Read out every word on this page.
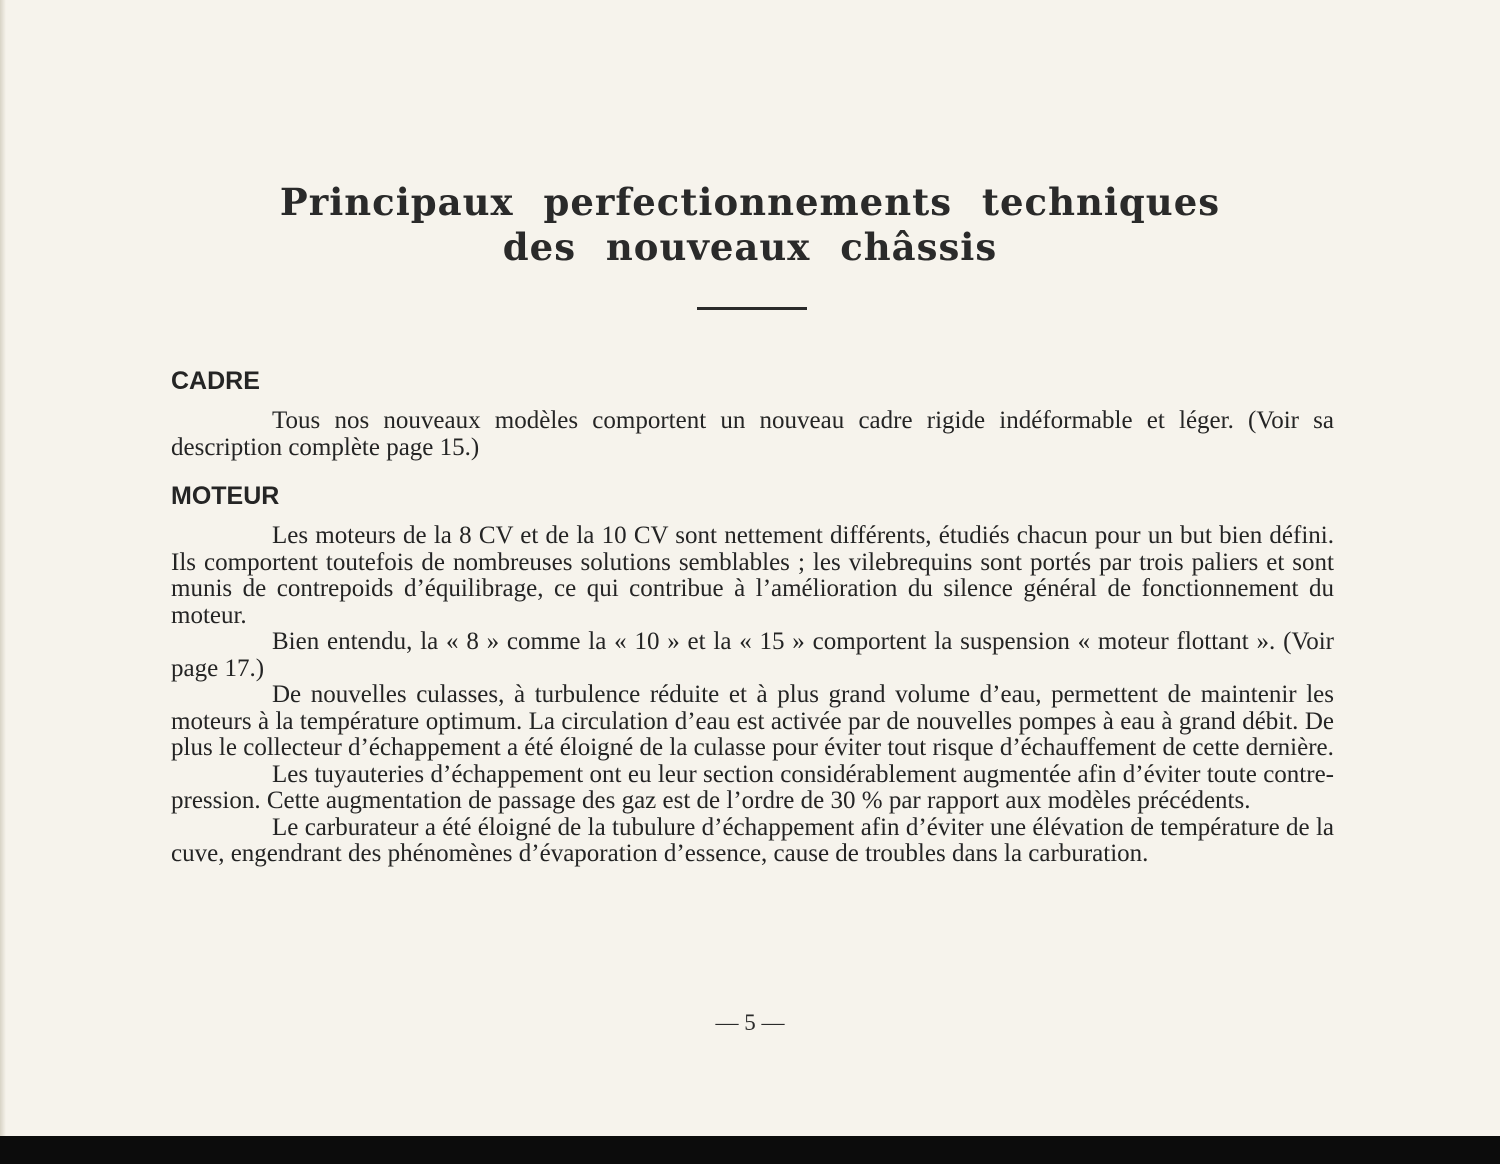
Principaux perfectionnements techniques
des nouveaux châssis
CADRE

Tous nos nouveaux modèles comportent un nouveau cadre rigide indéformable et léger. (Voir sa description complète page 15.)

MOTEUR

Les moteurs de la 8 CV et de la 10 CV sont nettement différents, étudiés chacun pour un but bien défini. Ils comportent toutefois de nombreuses solutions semblables ; les vilebrequins sont portés par trois paliers et sont munis de contrepoids d’équilibrage, ce qui contribue à l’amélioration du silence général de fonctionnement du moteur.

Bien entendu, la « 8 » comme la « 10 » et la « 15 » comportent la suspension « moteur flottant ». (Voir page 17.)

De nouvelles culasses, à turbulence réduite et à plus grand volume d’eau, permettent de maintenir les moteurs à la température optimum. La circulation d’eau est activée par de nouvelles pompes à eau à grand débit. De plus le collecteur d’échappement a été éloigné de la culasse pour éviter tout risque d’échauffement de cette dernière.

Les tuyauteries d’échappement ont eu leur section considérablement augmentée afin d’éviter toute contre-pression. Cette augmentation de passage des gaz est de l’ordre de 30 % par rapport aux modèles précédents.

Le carburateur a été éloigné de la tubulure d’échappement afin d’éviter une élévation de température de la cuve, engendrant des phénomènes d’évaporation d’essence, cause de troubles dans la carburation.

— 5 —
